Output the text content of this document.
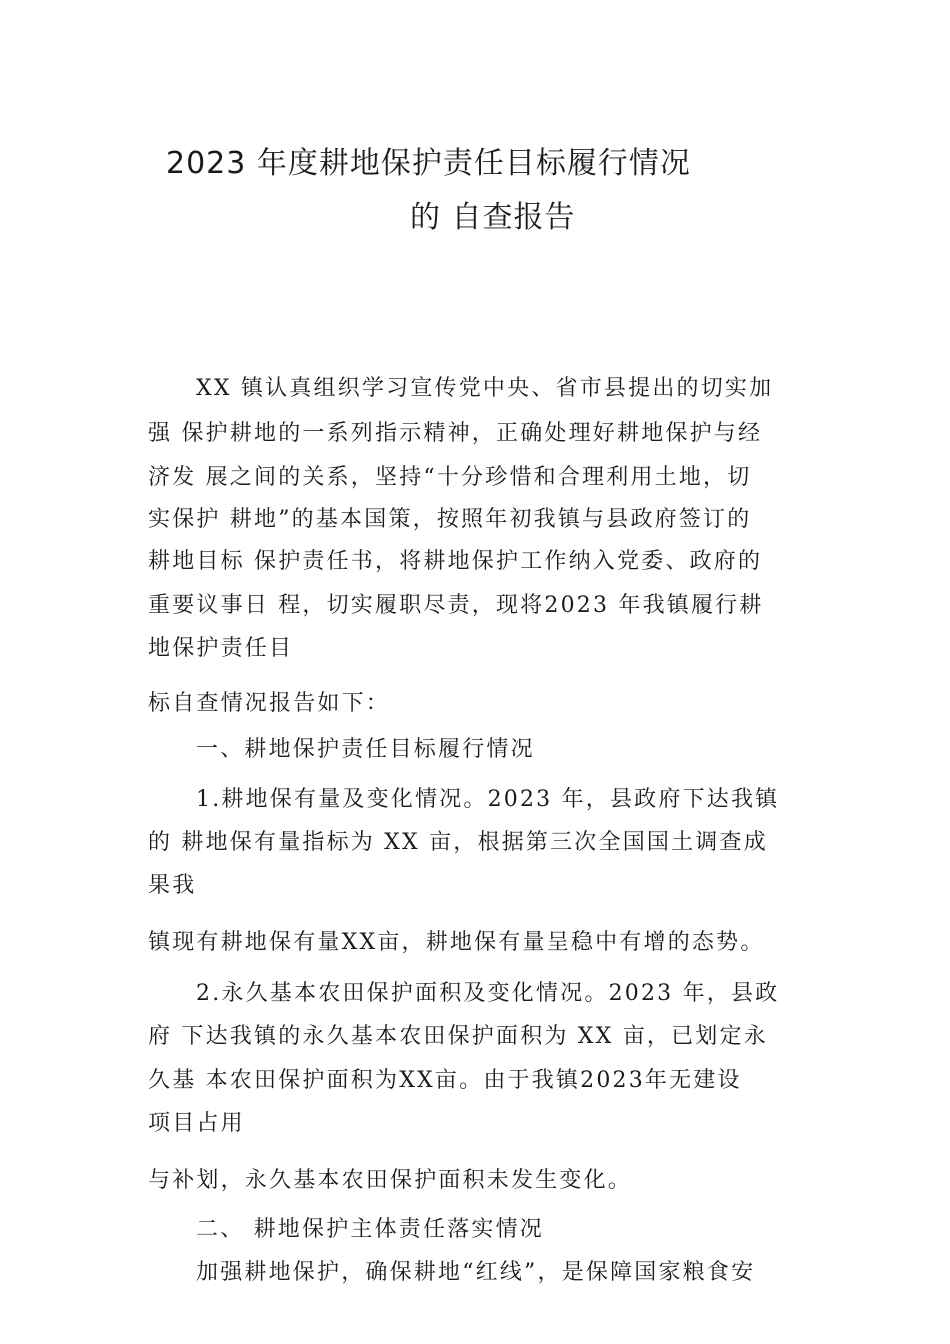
2023 年度耕地保护责任目标履行情况
的 自查报告
XX 镇认真组织学习宣传党中央、省市县提出的切实加
强 保护耕地的一系列指示精神，正确处理好耕地保护与经
济发 展之间的关系，坚持“十分珍惜和合理利用土地，切
实保护 耕地”的基本国策，按照年初我镇与县政府签订的
耕地目标 保护责任书，将耕地保护工作纳入党委、政府的
重要议事日 程，切实履职尽责，现将2023 年我镇履行耕
地保护责任目
标自查情况报告如下：
一、耕地保护责任目标履行情况
1.耕地保有量及变化情况。2023 年，县政府下达我镇
的 耕地保有量指标为 XX 亩，根据第三次全国国土调查成
果我
镇现有耕地保有量XX亩，耕地保有量呈稳中有增的态势。
2.永久基本农田保护面积及变化情况。2023 年，县政
府 下达我镇的永久基本农田保护面积为 XX 亩，已划定永
久基 本农田保护面积为XX亩。由于我镇2023年无建设
项目占用
与补划，永久基本农田保护面积未发生变化。
二、 耕地保护主体责任落实情况
加强耕地保护，确保耕地“红线”，是保障国家粮食安
